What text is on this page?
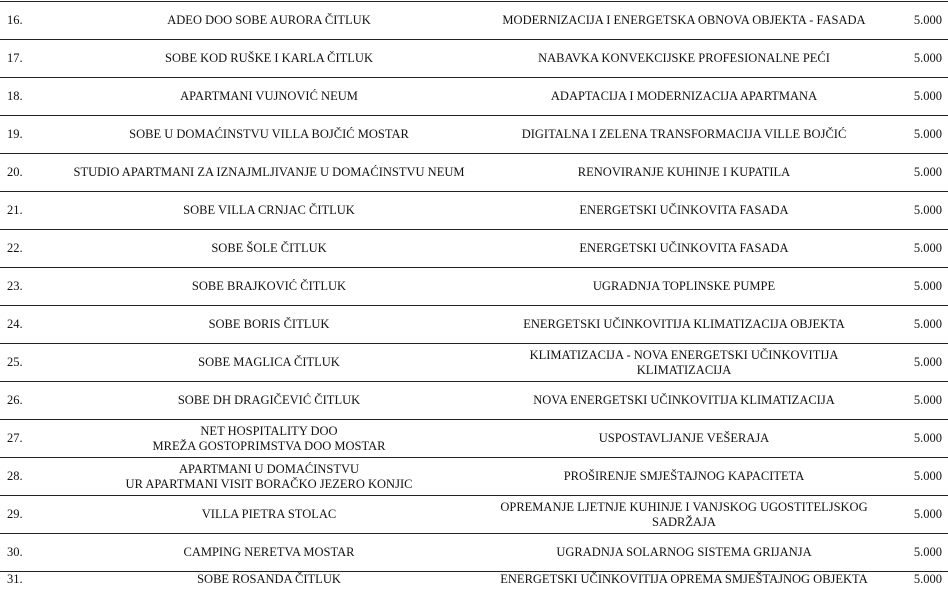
16.	ADEO DOO SOBE AURORA ČITLUK	MODERNIZACIJA I ENERGETSKA OBNOVA OBJEKTA - FASADA	5.000
17.	SOBE KOD RUŠKE I KARLA ČITLUK	NABAVKA KONVEKCIJSKE PROFESIONALNE PEĆI	5.000
18.	APARTMANI VUJNOVIĆ NEUM	ADAPTACIJA I MODERNIZACIJA APARTMANA	5.000
19.	SOBE U DOMAĆINSTVU VILLA BOJČIĆ MOSTAR	DIGITALNA I ZELENA TRANSFORMACIJA VILLE BOJČIĆ	5.000
20.	STUDIO APARTMANI ZA IZNAJMLJIVANJE U DOMAĆINSTVU NEUM	RENOVIRANJE KUHINJE I KUPATILA	5.000
21.	SOBE VILLA CRNJAC ČITLUK	ENERGETSKI UČINKOVITA FASADA	5.000
22.	SOBE ŠOLE ČITLUK	ENERGETSKI UČINKOVITA FASADA	5.000
23.	SOBE BRAJKOVIĆ ČITLUK	UGRADNJA TOPLINSKE PUMPE	5.000
24.	SOBE BORIS ČITLUK	ENERGETSKI UČINKOVITIJA KLIMATIZACIJA OBJEKTA	5.000
25.	SOBE MAGLICA ČITLUK	KLIMATIZACIJA - NOVA ENERGETSKI UČINKOVITIJA
KLIMATIZACIJA	5.000
26.	SOBE DH DRAGIČEVIĆ ČITLUK	NOVA ENERGETSKI UČINKOVITIJA KLIMATIZACIJA	5.000
27.	NET HOSPITALITY DOO
MREŽA GOSTOPRIMSTVA DOO MOSTAR	USPOSTAVLJANJE VEŠERAJA	5.000
28.	APARTMANI U DOMAĆINSTVU
UR APARTMANI VISIT BORAČKO JEZERO KONJIC	PROŠIRENJE SMJEŠTAJNOG KAPACITETA	5.000
29.	VILLA PIETRA STOLAC	OPREMANJE LJETNJE KUHINJE I VANJSKOG UGOSTITELJSKOG
SADRŽAJA	5.000
30.	CAMPING NERETVA MOSTAR	UGRADNJA SOLARNOG SISTEMA GRIJANJA	5.000
31.	SOBE ROSANDA ČITLUK	ENERGETSKI UČINKOVITIJA OPREMA SMJEŠTAJNOG OBJEKTA	5.000
